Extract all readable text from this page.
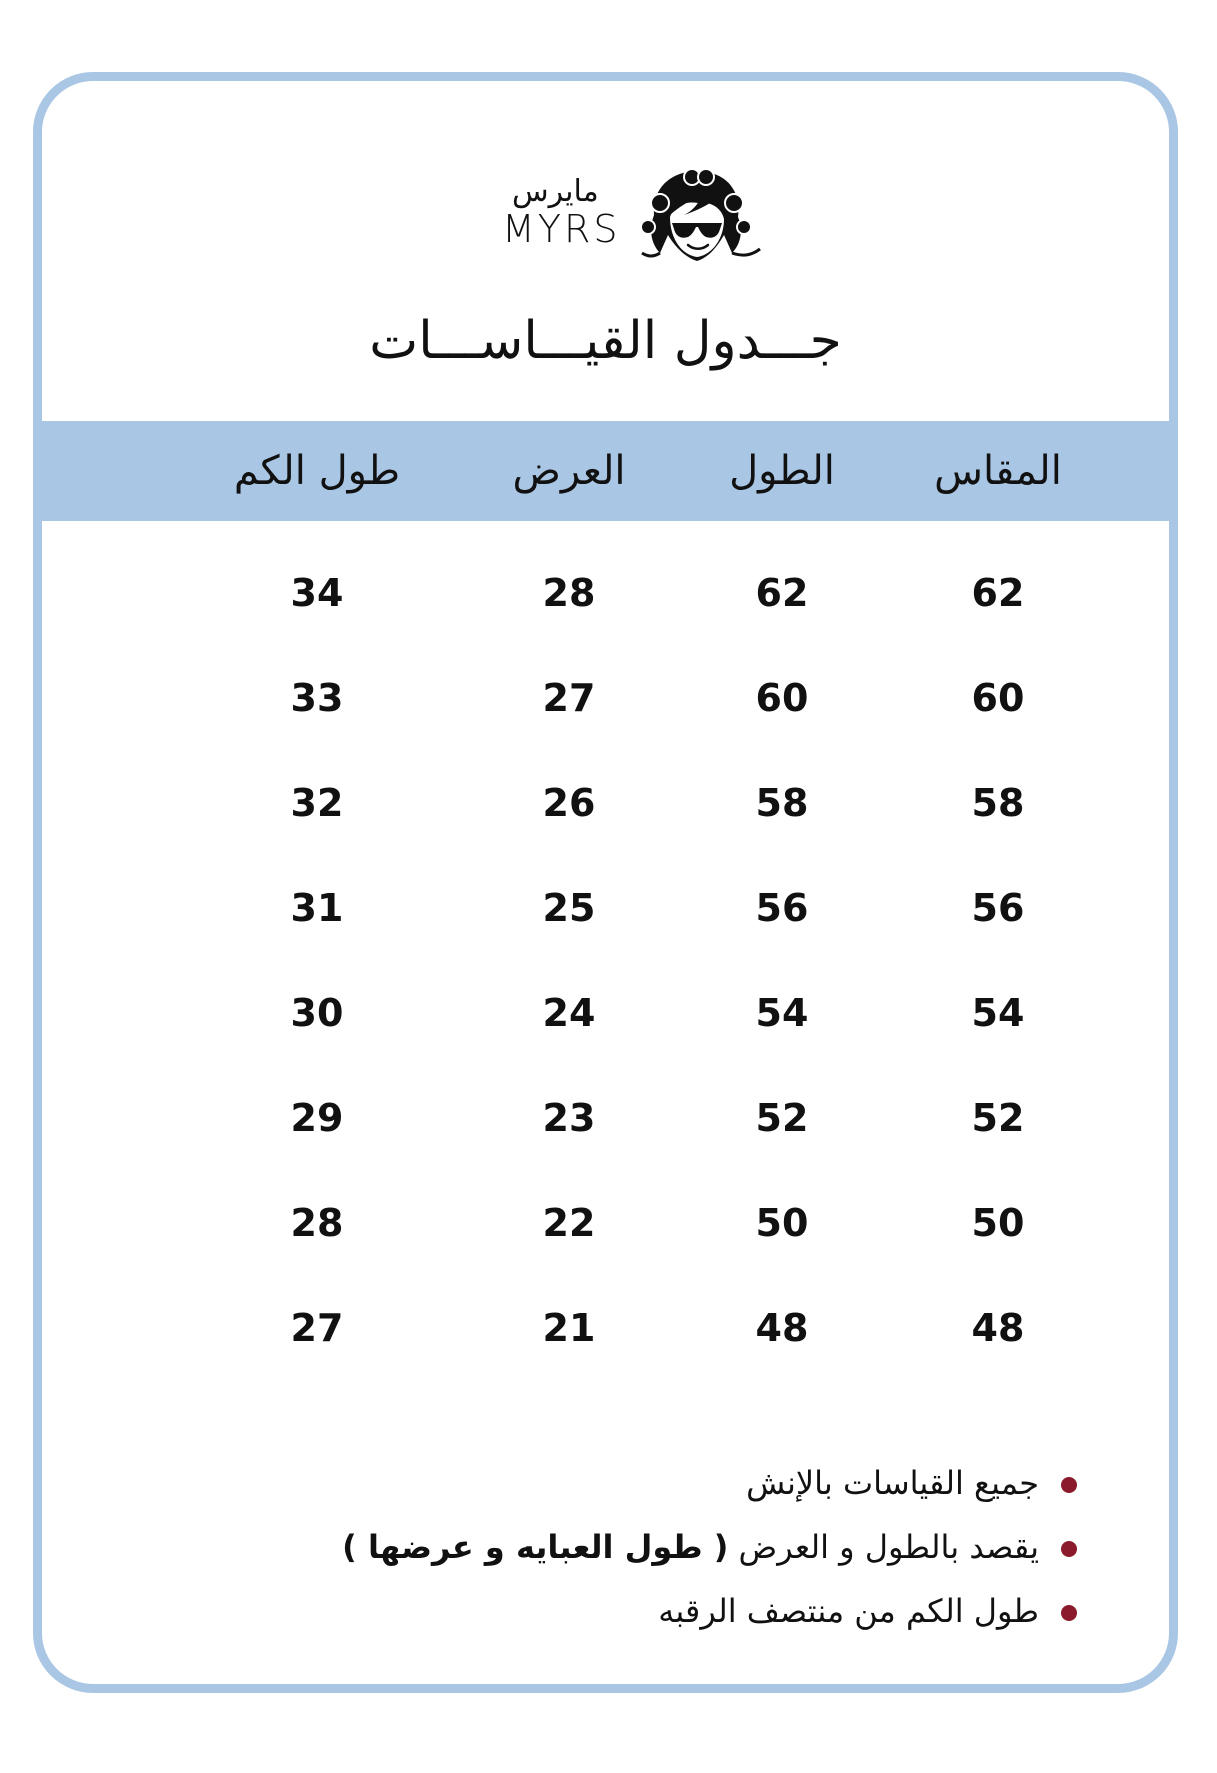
مايرس
MYRS
جـــدول القيـــاســـات
المقاس
الطول
العرض
طول الكم
62
62
28
34
60
60
27
33
58
58
26
32
56
56
25
31
54
54
24
30
52
52
23
29
50
50
22
28
48
48
21
27
جميع القياسات بالإنش
يقصد بالطول و العرض ( طول العبايه و عرضها )
طول الكم من منتصف الرقبه
